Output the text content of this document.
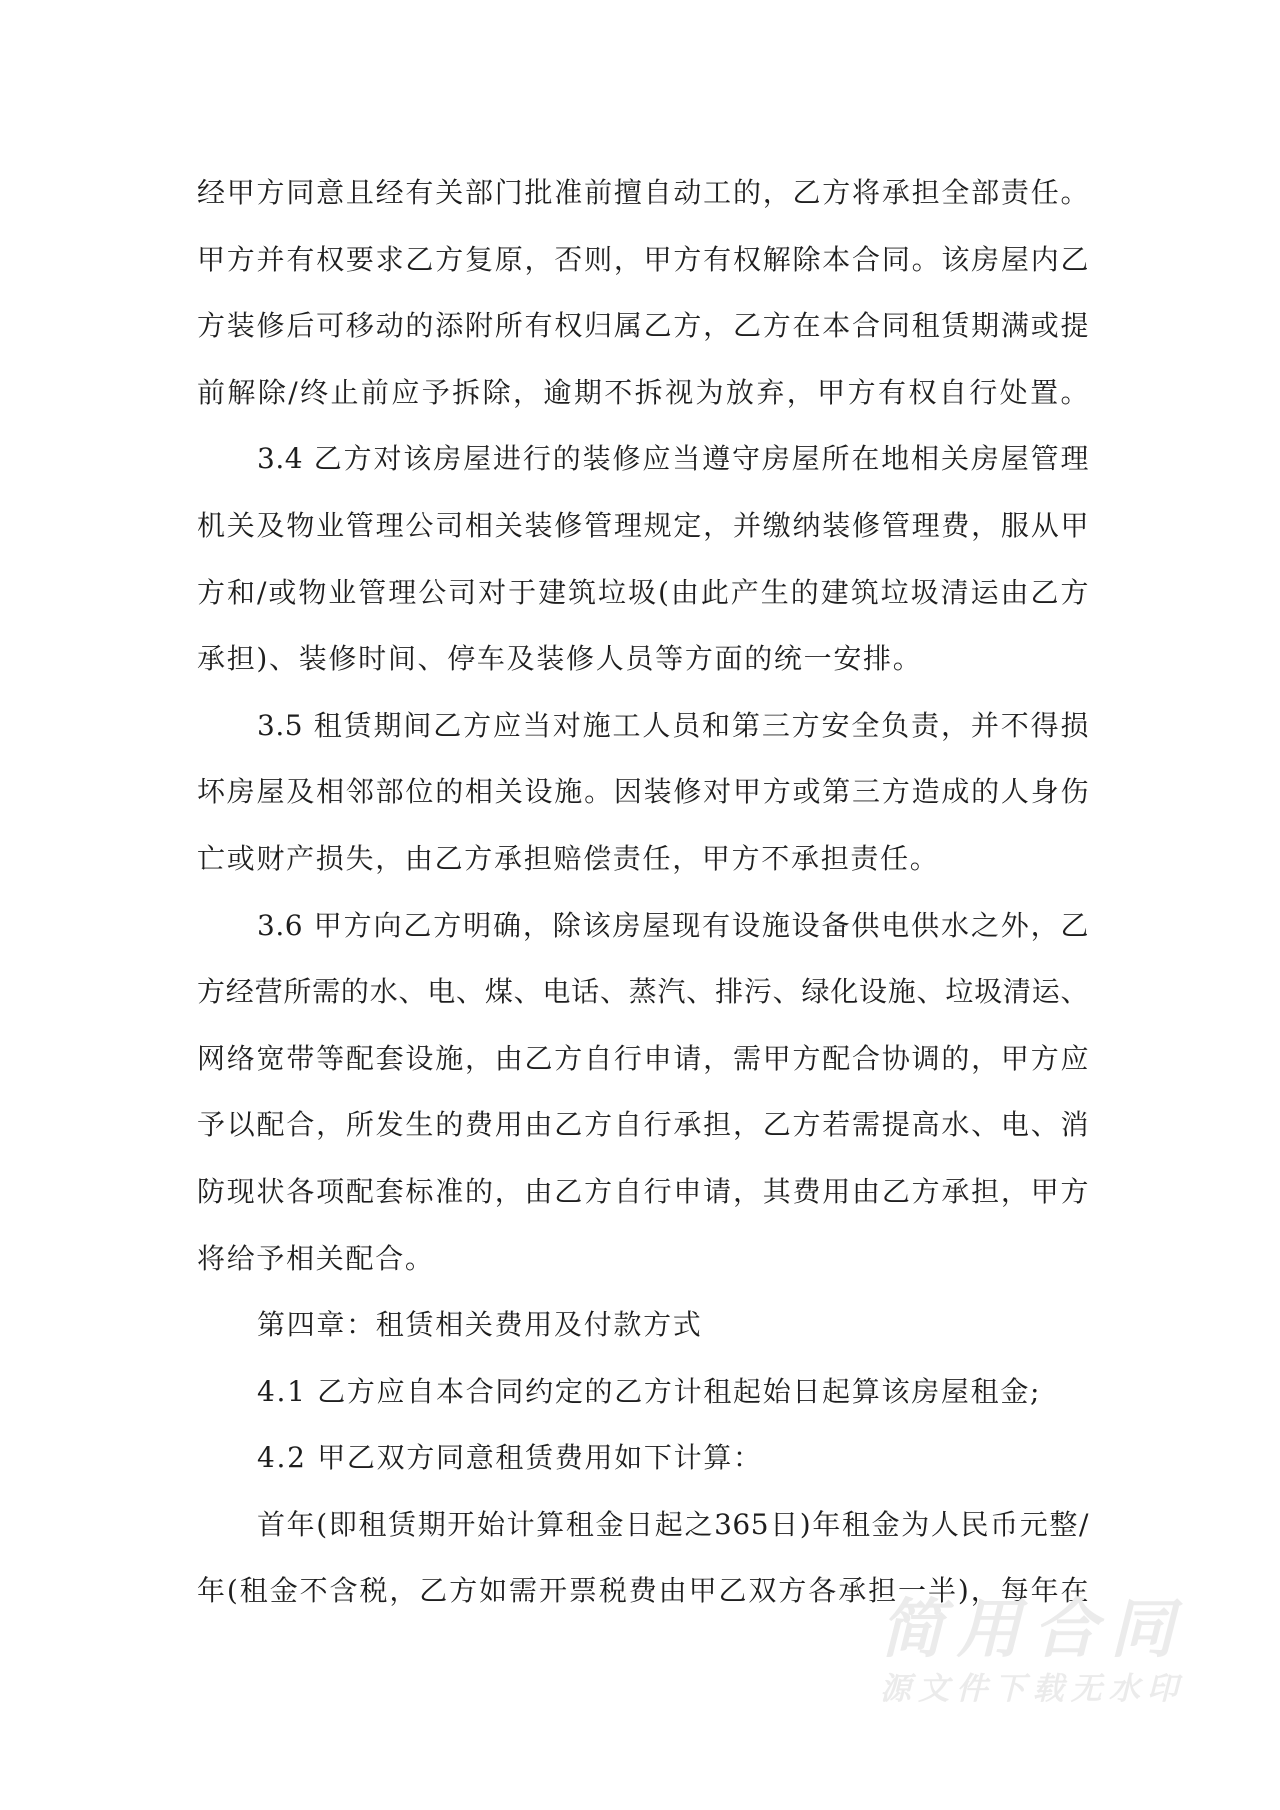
经甲方同意且经有关部门批准前擅自动工的，乙方将承担全部责任。
甲方并有权要求乙方复原，否则，甲方有权解除本合同。该房屋内乙
方装修后可移动的添附所有权归属乙方，乙方在本合同租赁期满或提
前解除/终止前应予拆除，逾期不拆视为放弃，甲方有权自行处置。
3.4 乙方对该房屋进行的装修应当遵守房屋所在地相关房屋管理
机关及物业管理公司相关装修管理规定，并缴纳装修管理费，服从甲
方和/或物业管理公司对于建筑垃圾(由此产生的建筑垃圾清运由乙方
承担)、装修时间、停车及装修人员等方面的统一安排。
3.5 租赁期间乙方应当对施工人员和第三方安全负责，并不得损
坏房屋及相邻部位的相关设施。因装修对甲方或第三方造成的人身伤
亡或财产损失，由乙方承担赔偿责任，甲方不承担责任。
3.6 甲方向乙方明确，除该房屋现有设施设备供电供水之外，乙
方经营所需的水、电、煤、电话、蒸汽、排污、绿化设施、垃圾清运、
网络宽带等配套设施，由乙方自行申请，需甲方配合协调的，甲方应
予以配合，所发生的费用由乙方自行承担，乙方若需提高水、电、消
防现状各项配套标准的，由乙方自行申请，其费用由乙方承担，甲方
将给予相关配合。
第四章：租赁相关费用及付款方式
4.1 乙方应自本合同约定的乙方计租起始日起算该房屋租金;
4.2 甲乙双方同意租赁费用如下计算：
首年(即租赁期开始计算租金日起之365日)年租金为人民币元整/
年(租金不含税，乙方如需开票税费由甲乙双方各承担一半)，每年在
简用合同
源文件下载无水印
